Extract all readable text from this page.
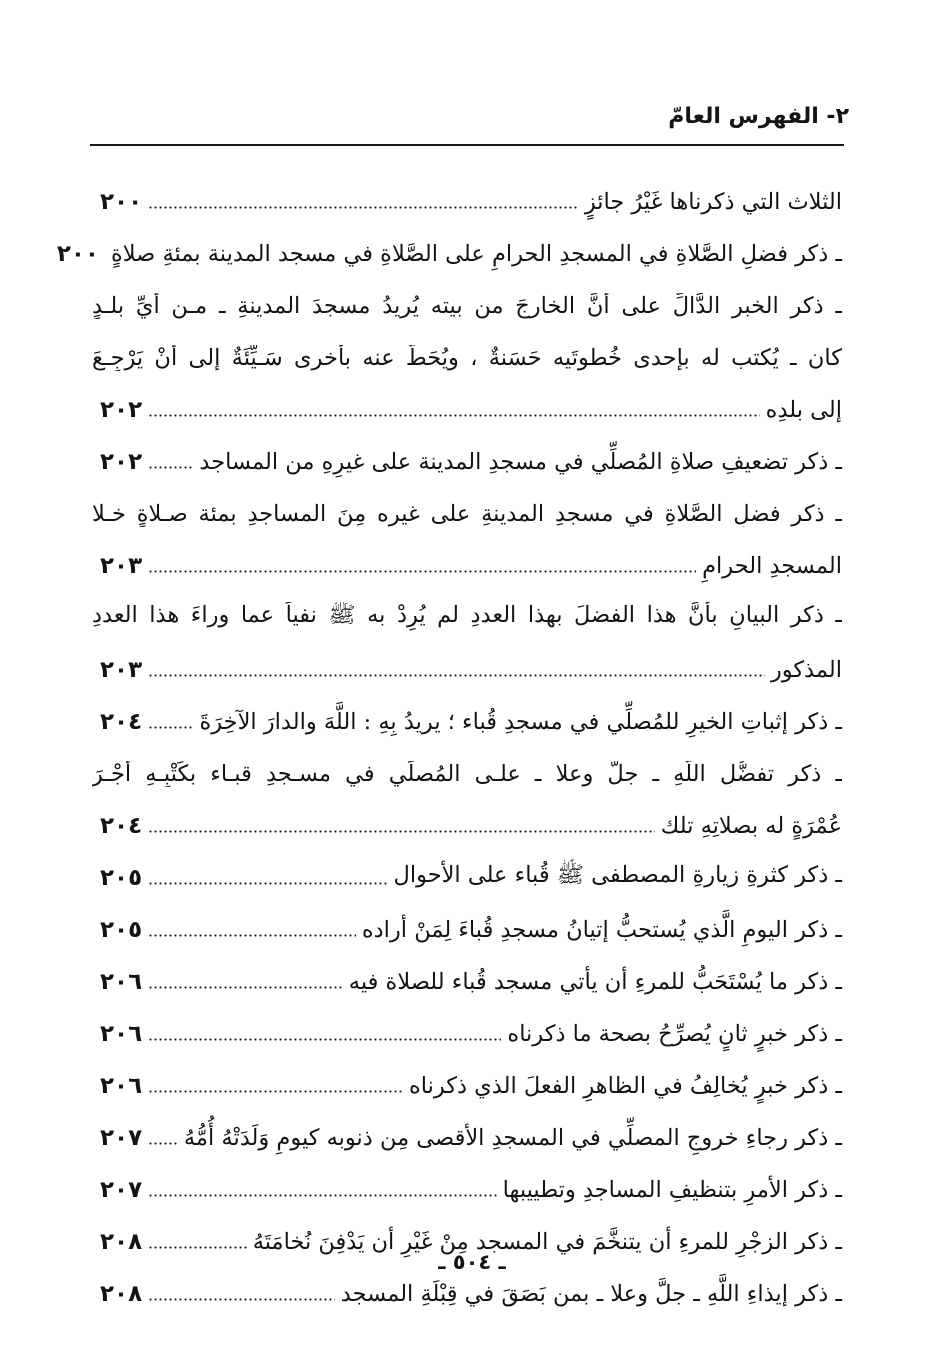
٢- الفهرس العامّ
الثلاث التي ذكرناها غَيْرُ جائزٍ
٢٠٠
ـ ذكر فضلِ الصَّلاةِ في المسجدِ الحرامِ على الصَّلاةِ في مسجد المدينة بمئةِ صلاةٍ
٢٠٠
ـ ذكر الخبرِ الدَّالِّ على أنَّ الخارجَ من بيته يُريدُ مسجدَ المدينةِ ـ مـن أيِّ بلـدٍ
كان ـ يُكتب له بإحدى خُطوتَيه حَسَنةٌ ، ويُحَطُّ عنه بأخرى سَـيِّئَةٌ إلى أنْ يَرْجِـعَ
إلى بلدِه
٢٠٢
ـ ذكر تضعيفِ صلاةِ المُصلِّي في مسجدِ المدينة على غيرِهِ من المساجد
٢٠٢
ـ ذكر فضلِ الصَّلاةِ في مسجدِ المدينةِ على غيره مِنَ المساجدِ بمئة صـلاةٍ خـلا
المسجدِ الحرامِ
٢٠٣
ـ ذكر البيانِ بأنَّ هذا الفضلَ بهذا العددِ لم يُرِدْ به ﷺ نفياً عما وراءَ هذا العددِ
المذكور
٢٠٣
ـ ذكر إثباتِ الخيرِ للمُصلِّي في مسجدِ قُباء ؛ يريدُ بِهِ : اللَّهَ والدارَ الآخِرَةَ
٢٠٤
ـ ذكر تفضُّلِ اللَّهِ ـ جلَّ وعلا ـ علـى المُصلِّي في مسـجدِ قبـاء بكَتْبِـهِ أجْـرَ
عُمْرَةٍ له بصلاتِهِ تلك
٢٠٤
ـ ذكر كثرةِ زيارةِ المصطفى ﷺ قُباء على الأحوال
٢٠٥
ـ ذكر اليومِ الَّذي يُستحبُّ إتيانُ مسجدِ قُباءَ لِمَنْ أراده
٢٠٥
ـ ذكر ما يُسْتَحَبُّ للمرءِ أن يأتي مسجد قُباء للصلاة فيه
٢٠٦
ـ ذكر خبرٍ ثانٍ يُصرِّحُ بصحة ما ذكرناه
٢٠٦
ـ ذكر خبرٍ يُخالِفُ في الظاهرِ الفعلَ الذي ذكرناه
٢٠٦
ـ ذكر رجاءِ خروجِ المصلِّي في المسجدِ الأقصى مِن ذنوبه كيومِ وَلَدَتْهُ أُمُّهُ
٢٠٧
ـ ذكر الأمرِ بتنظيفِ المساجدِ وتطييبها
٢٠٧
ـ ذكر الزجْرِ للمرءِ أن يتنخَّمَ في المسجد مِنْ غَيْرِ أن يَدْفِنَ نُخامَتَهُ
٢٠٨
ـ ذكر إيذاءِ اللَّهِ ـ جلَّ وعلا ـ بمن بَصَقَ في قِبْلَةِ المسجد
٢٠٨
ـ ٥٠٤ ـ
